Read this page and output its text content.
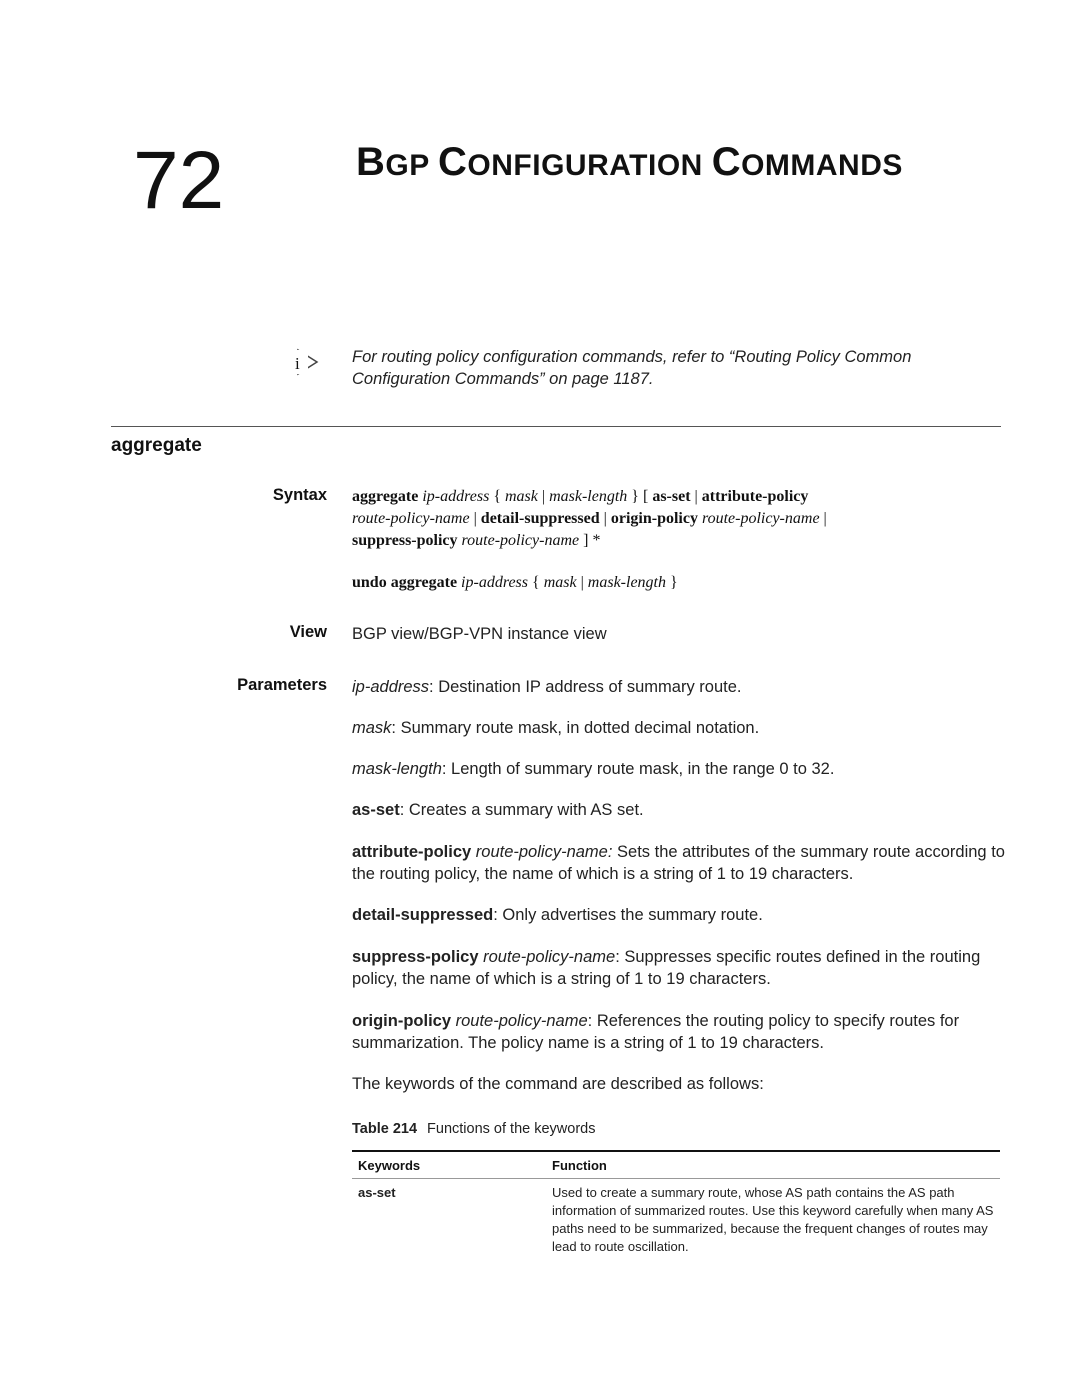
72	BGP CONFIGURATION COMMANDS
i	For routing policy configuration commands, refer to “Routing Policy Common
Configuration Commands” on page 1187.
aggregate
Syntax aggregate ip-address { mask | mask-length } [ as-set | attribute-policy
route-policy-name | detail-suppressed | origin-policy route-policy-name |
suppress-policy route-policy-name ] *
undo aggregate ip-address { mask | mask-length }
View BGP view/BGP-VPN instance view
Parameters ip-address: Destination IP address of summary route.
mask: Summary route mask, in dotted decimal notation.
mask-length: Length of summary route mask, in the range 0 to 32.
as-set: Creates a summary with AS set.
attribute-policy route-policy-name: Sets the attributes of the summary route according to the routing policy, the name of which is a string of 1 to 19 characters.
detail-suppressed: Only advertises the summary route.
suppress-policy route-policy-name: Suppresses specific routes defined in the routing policy, the name of which is a string of 1 to 19 characters.
origin-policy route-policy-name: References the routing policy to specify routes for summarization. The policy name is a string of 1 to 19 characters.
The keywords of the command are described as follows:
Table 214 Functions of the keywords
Keywords	Function
as-set	Used to create a summary route, whose AS path contains the AS path information of summarized routes. Use this keyword carefully when many AS paths need to be summarized, because the frequent changes of routes may lead to route oscillation.
